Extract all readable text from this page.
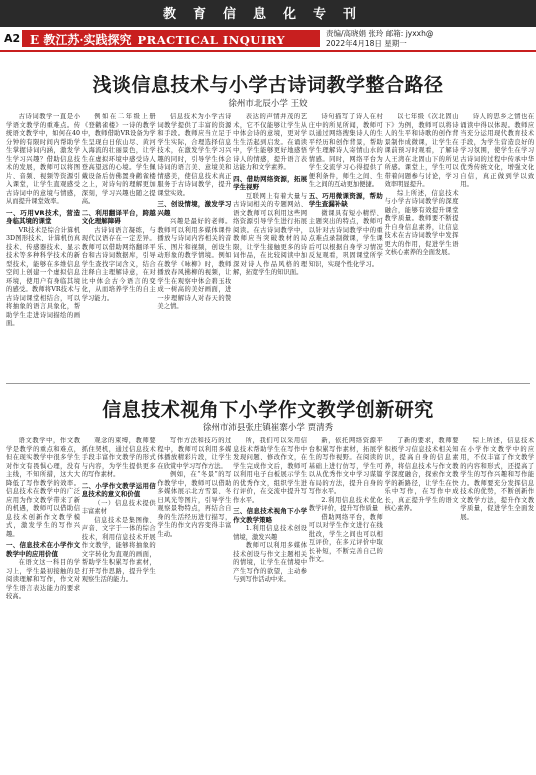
教育信息化专刊
A2 E 教江苏·实践探究 PRACTICAL INQUIRY	责编/高晓娟 张玲 邮箱: jyxxh@
2022年4月18日 星期一
浅谈信息技术与小学古诗词教学整合路径
徐州市北辰小学 王姣

古诗词教学一直是小学语文教学的重难点。传统语文教学中，如何在40分钟的有限时间内帮助学生掌握诗词内涵，激发学生学习兴趣？借助信息技术的发展，教师可以将图片、音频、视频等资源引入课堂，让学生直观感受古诗词中的意境与情感，从而提升课堂效率。

一、巧用VR技术，营造身临其境的课堂

VR技术是综合计算机3D图形技术、计算机仿真技术、传感器技术、显示技术等多种科学技术的新型技术，能够在多维信息空间上创建一个虚拟信息环境，使用户有身临其境的感受。教师将VR技术与古诗词课堂相结合，可以将抽象的语言具象化，帮助学生走进诗词描绘的画面。

例如在二年级上册《登鹳雀楼》一诗的教学中，教师借助VR设备为学生呈现白日依山尽、黄河入海流的壮丽景色，让学生在虚拟环境中感受诗人登高望远的心境。学生佩戴设备后仿佛置身鹳雀楼之上，对诗句的理解更加深刻，学习兴趣也随之提高。

二、利用翻译平台，跨越文化理解障碍

古诗词语言凝练，与现代汉语存在一定差异。教师可以借助网络翻译平台和古诗词数据库，引导学生查找字词含义，结合注释自主理解诗意，在对比中体会古今语言的变化，从而培养学生的自主学习能力。

信息技术为小学古诗词教学提供了丰富的资源和手段。教师应当立足于学生实际，合理选择信息技术，在激发学生学习兴趣的同时，引导学生体会诗词的语言美、意境美和情感美，使信息技术真正服务于古诗词教学，提升课堂实效。

三、创设情境，激发学习兴趣

兴趣是最好的老师。教师可以利用多媒体课件播放与诗词内容相关的音乐、图片和视频，创设生动形象的教学情境。例如在教学《咏柳》时，教师播放春风拂柳的视频，让学生在观察中体会碧玉妆成一树高的美好画面，进一步理解诗人对春天的赞美之情。

表达的声情并茂的艺术，它不仅能够让学生从中体会诗的意境，更对学生生活起到启发。在诵读中，学生能够更好地感悟诗人的情感，提升语言表达能力和文学素养。

四、借助网络资源，拓展学生视野

互联网上有着大量与古诗词相关的专题网站、语文教师可以利用这些网络资源引导学生进行拓展阅读。在古诗词教学中，教师应当突破教材的局限，让学生接触更多的诗词作品，在比较阅读中加深对诗人作品风格的理解，拓宽学生的知识面。

诗句描写了诗人在村庄中的所见所闻，教师可以通过网络搜集诗人的生平经历和创作背景，帮助学生理解诗人寄情山水的情感。同时，网络平台为学生交流学习心得提供了便利条件，师生之间、生生之间的互动更加便捷。

五、巧用微课资源，帮助学生查漏补缺

微课具有短小精悍、主题突出的特点，教师可以针对古诗词教学中的重点难点录制微课，学生课后可以根据自身学习情况反复观看，巩固课堂所学知识，实现个性化学习。

以七年级《次北固山下》为例，教师可以将诗人的生平和诗歌的创作背景制作成微课，让学生在课前预习时观看，了解诗人王湾在北固山下的所见所感。课堂上，学生可以带着问题参与讨论，学习效率明显提升。

综上所述，信息技术与小学古诗词教学的深度融合，能够有效提升课堂教学质量。教师要不断提升自身信息素养，让信息技术在古诗词教学中发挥更大的作用，促进学生语文核心素养的全面发展。

诗人的思乡之情也在诵读中得以体现。教师应当充分运用现代教育技术手段，为学生营造良好的学习氛围，使学生在学习古诗词的过程中传承中华优秀传统文化，增强文化自信，真正做到学以致用。

信息技术视角下小学作文教学创新研究
徐州市沛县张庄镇崔寨小学 贾清秀

语文教学中，作文教学是教学的重点和难点，但在现实教学中很多学生对作文有畏惧心理，没有主线，不知所措，这大大降低了写作教学的效率。信息技术在教学中的广泛应用为作文教学带来了新的机遇，教师可以借助信息技术创新作文教学模式，激发学生的写作兴趣。

一、信息技术在小学作文教学中的应用价值

在语文这一科目的学习上，学生最初接触的是阅读理解和写作，作文对学生语言表达能力的要求较高。

观念的束缚，教师要抓住契机，通过信息技术手段丰富作文教学的形式与内容，为学生提供更多的写作素材。

二、小学作文教学运用信息技术的意义和价值

（一）信息技术提供丰富素材

信息技术是集图像、声音、文字于一体的综合技术，利用信息技术开展作文教学，能够将抽象的文字转化为直观的画面，帮助学生积累写作素材，打开写作思路，提升学生观察生活的能力。

写作方法和技巧的过程中，教师可以利用多媒体播放精彩片段，让学生在欣赏中学习写作方法。

例如，在“冬景”的写作教学中，教师可以借助多媒体展示北方雪景、冬日风光等图片，引导学生观察景物特点，再结合自身的生活经历进行描写，学生的作文内容变得丰富生动。

所，我们可以采用信息技术帮助学生在写作中发现问题、修改作文，在学生完成作文后，教师可以利用电子白板展示学生的优秀作文，组织学生进行评价，在交流中提升写作水平。

三、信息技术视角下小学作文教学策略

1.利用信息技术创设情境，激发兴趣

教师可以利用多媒体技术创设与作文主题相关的情境，让学生在情境中产生写作的欲望，主动参与到写作活动中来。

新，依托网络资源平台积累写作素材，拓展学生的写作视野。在阅读的基础上进行仿写，学生可以从优秀作文中学习谋篇布局的方法，提升自身的写作水平。

2.利用信息技术优化教学评价，提升写作质量

借助网络平台，教师可以对学生作文进行在线批改，学生之间也可以相互评价，在多元评价中取长补短，不断完善自己的作文。

了新的要求，教师要积极学习信息技术相关知识，提高自身的信息素养，将信息技术与作文教学深度融合，探索作文教学的新路径，让学生在快乐中写作，在写作中成长，真正提升学生的语文核心素养。

综上所述，信息技术在小学作文教学中的应用，不仅丰富了作文教学的内容和形式，还提高了学生的写作兴趣和写作能力。教师要充分发挥信息技术的优势，不断创新作文教学方法，提升作文教学质量，促进学生全面发展。
